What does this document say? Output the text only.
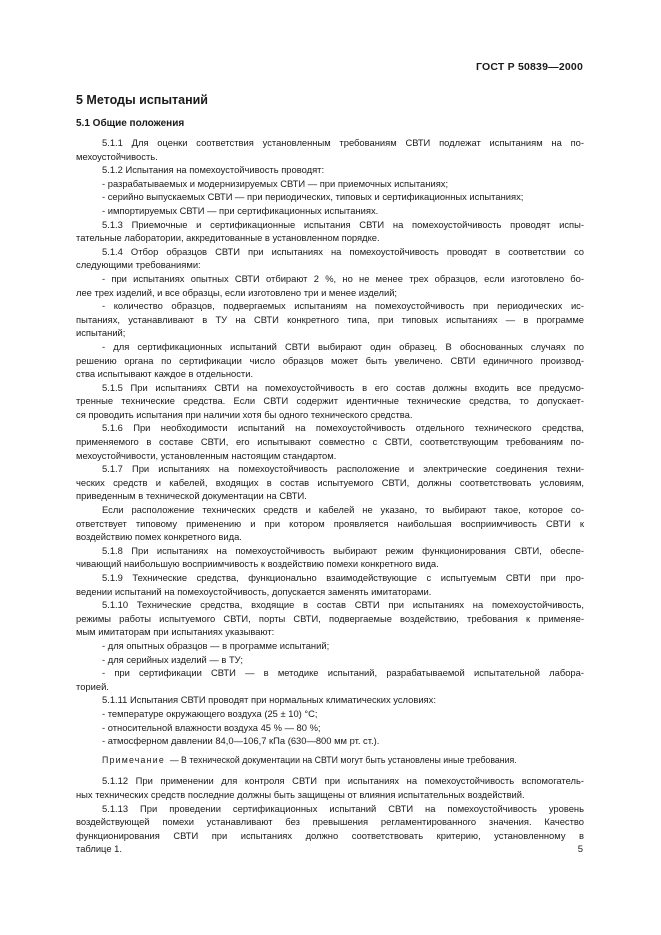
ГОСТ Р 50839—2000
5 Методы испытаний
5.1 Общие положения
5.1.1 Для оценки соответствия установленным требованиям СВТИ подлежат испытаниям на по-
мехоустойчивость.
5.1.2 Испытания на помехоустойчивость проводят:
- разрабатываемых и модернизируемых СВТИ — при приемочных испытаниях;
- серийно выпускаемых СВТИ — при периодических, типовых и сертификационных испытаниях;
- импортируемых СВТИ — при сертификационных испытаниях.
5.1.3 Приемочные и сертификационные испытания СВТИ на помехоустойчивость проводят испы-
тательные лаборатории, аккредитованные в установленном порядке.
5.1.4 Отбор образцов СВТИ при испытаниях на помехоустойчивость проводят в соответствии со
следующими требованиями:
- при испытаниях опытных СВТИ отбирают 2 %, но не менее трех образцов, если изготовлено бо-
лее трех изделий, и все образцы, если изготовлено три и менее изделий;
- количество образцов, подвергаемых испытаниям на помехоустойчивость при периодических ис-
пытаниях, устанавливают в ТУ на СВТИ конкретного типа, при типовых испытаниях — в программе
испытаний;
- для сертификационных испытаний СВТИ выбирают один образец. В обоснованных случаях по
решению органа по сертификации число образцов может быть увеличено. СВТИ единичного производ-
ства испытывают каждое в отдельности.
5.1.5 При испытаниях СВТИ на помехоустойчивость в его состав должны входить все предусмо-
тренные технические средства. Если СВТИ содержит идентичные технические средства, то допускает-
ся проводить испытания при наличии хотя бы одного технического средства.
5.1.6 При необходимости испытаний на помехоустойчивость отдельного технического средства,
применяемого в составе СВТИ, его испытывают совместно с СВТИ, соответствующим требованиям по-
мехоустойчивости, установленным настоящим стандартом.
5.1.7 При испытаниях на помехоустойчивость расположение и электрические соединения техни-
ческих средств и кабелей, входящих в состав испытуемого СВТИ, должны соответствовать условиям,
приведенным в технической документации на СВТИ.
Если расположение технических средств и кабелей не указано, то выбирают такое, которое со-
ответствует типовому применению и при котором проявляется наибольшая восприимчивость СВТИ к
воздействию помех конкретного вида.
5.1.8 При испытаниях на помехоустойчивость выбирают режим функционирования СВТИ, обеспе-
чивающий наибольшую восприимчивость к воздействию помехи конкретного вида.
5.1.9 Технические средства, функционально взаимодействующие с испытуемым СВТИ при про-
ведении испытаний на помехоустойчивость, допускается заменять имитаторами.
5.1.10 Технические средства, входящие в состав СВТИ при испытаниях на помехоустойчивость,
режимы работы испытуемого СВТИ, порты СВТИ, подвергаемые воздействию, требования к применяе-
мым имитаторам при испытаниях указывают:
- для опытных образцов — в программе испытаний;
- для серийных изделий — в ТУ;
- при сертификации СВТИ — в методике испытаний, разрабатываемой испытательной лабора-
торией.
5.1.11 Испытания СВТИ проводят при нормальных климатических условиях:
- температуре окружающего воздуха (25 ± 10) °С;
- относительной влажности воздуха 45 % — 80 %;
- атмосферном давлении 84,0—106,7 кПа (630—800 мм рт. ст.).
Примечание — В технической документации на СВТИ могут быть установлены иные требования.
5.1.12 При применении для контроля СВТИ при испытаниях на помехоустойчивость вспомогатель-
ных технических средств последние должны быть защищены от влияния испытательных воздействий.
5.1.13 При проведении сертификационных испытаний СВТИ на помехоустойчивость уровень
воздействующей помехи устанавливают без превышения регламентированного значения. Качество
функционирования СВТИ при испытаниях должно соответствовать критерию, установленному в
таблице 1.	5
